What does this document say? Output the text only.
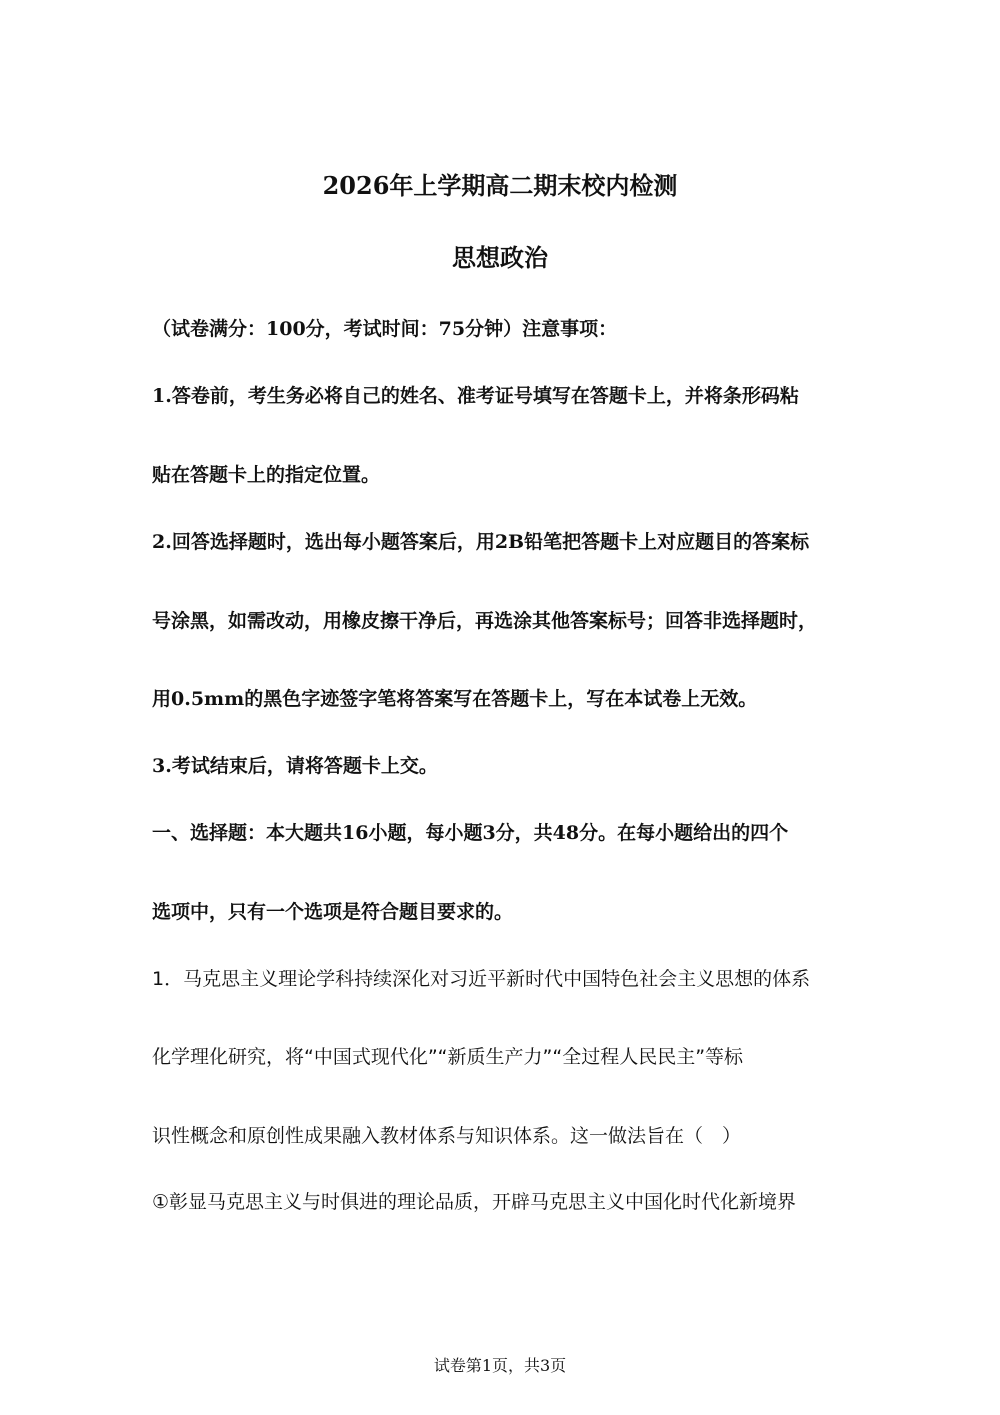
2026年上学期高二期末校内检测
思想政治
（试卷满分：100分，考试时间：75分钟）注意事项：
1.答卷前，考生务必将自己的姓名、准考证号填写在答题卡上，并将条形码粘
贴在答题卡上的指定位置。
2.回答选择题时，选出每小题答案后，用2B铅笔把答题卡上对应题目的答案标
号涂黑，如需改动，用橡皮擦干净后，再选涂其他答案标号；回答非选择题时，
用0.5mm的黑色字迹签字笔将答案写在答题卡上，写在本试卷上无效。
3.考试结束后，请将答题卡上交。
一、选择题：本大题共16小题，每小题3分，共48分。在每小题给出的四个
选项中，只有一个选项是符合题目要求的。
1．马克思主义理论学科持续深化对习近平新时代中国特色社会主义思想的体系
化学理化研究，将“中国式现代化”“新质生产力”“全过程人民民主”等标
识性概念和原创性成果融入教材体系与知识体系。这一做法旨在（　）
①彰显马克思主义与时俱进的理论品质，开辟马克思主义中国化时代化新境界
试卷第1页，共3页
